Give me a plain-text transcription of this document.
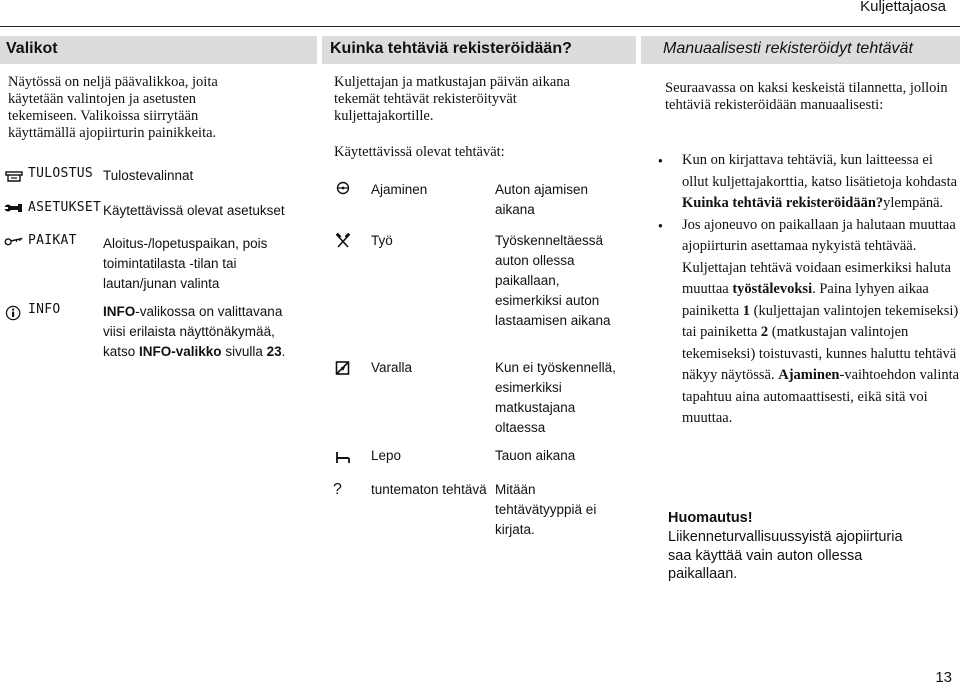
Kuljettajaosa
Valikot	Kuinka tehtäviä rekisteröidään?	Manuaalisesti rekisteröidyt tehtävät
Näytössä on neljä päävalikkoa, joita käytetään valintojen ja asetusten tekemiseen. Valikoissa siirrytään käyttämällä ajopiirturin painikkeita.
TULOSTUS Tulostevalinnat
ASETUKSET Käytettävissä olevat asetukset
PAIKAT Aloitus-/lopetuspaikan, pois toimintatilasta -tilan tai lautan/junan valinta
INFO	INFO-valikossa on valittavana viisi erilaista näyttönäkymää, katso INFO-valikko sivulla 23.
Kuljettajan ja matkustajan päivän aikana tekemät tehtävät rekisteröityvät kuljettajakortille.
Käytettävissä olevat tehtävät:
Ajaminen	Auton ajamisen aikana
Työ	Työskenneltäessä auton ollessa paikallaan, esimerkiksi auton lastaamisen aikana
Varalla	Kun ei työskennellä, esimerkiksi matkustajana oltaessa
Lepo	Tauon aikana
? tuntematon tehtävä Mitään tehtävätyyppiä ei kirjata.
Seuraavassa on kaksi keskeistä tilannetta, jolloin tehtäviä rekisteröidään manuaalisesti:
● Kun on kirjattava tehtäviä, kun laitteessa ei ollut kuljettajakorttia, katso lisätietoja kohdasta Kuinka tehtäviä rekisteröidään?ylempänä.
● Jos ajoneuvo on paikallaan ja halutaan muuttaa ajopiirturin asettamaa nykyistä tehtävää. Kuljettajan tehtävä voidaan esimerkiksi haluta muuttaa työstälevoksi. Paina lyhyen aikaa painiketta 1 (kuljettajan valintojen tekemiseksi) tai painiketta 2 (matkustajan valintojen tekemiseksi) toistuvasti, kunnes haluttu tehtävä näkyy näytössä. Ajaminen-vaihtoehdon valinta tapahtuu aina automaattisesti, eikä sitä voi muuttaa.
Huomautus!
Liikenneturvallisuussyistä ajopiirturia saa käyttää vain auton ollessa paikallaan.
13
